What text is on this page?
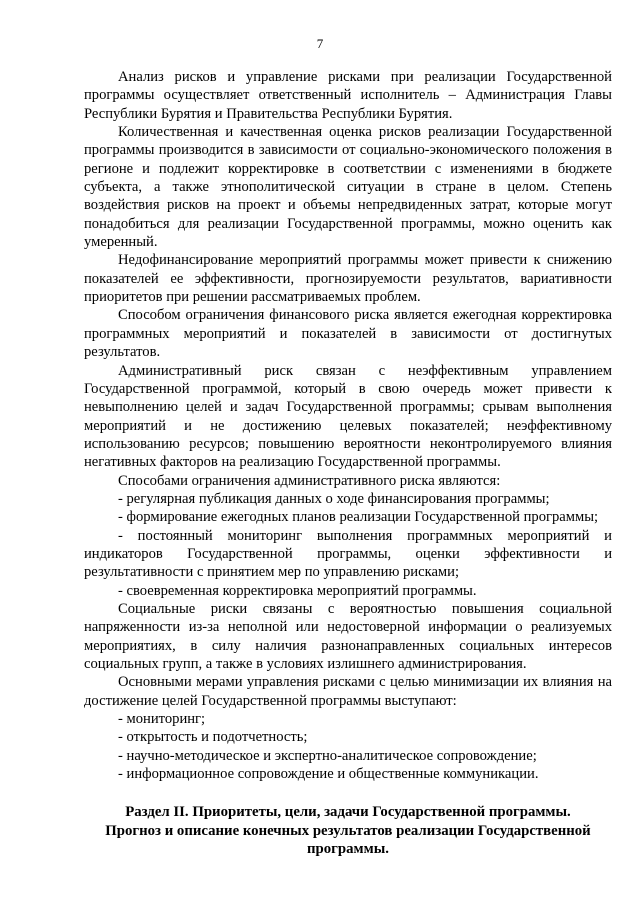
7

Анализ рисков и управление рисками при реализации Государственной программы осуществляет ответственный исполнитель – Администрация Главы Республики Бурятия и Правительства Республики Бурятия.

Количественная и качественная оценка рисков реализации Государственной программы производится в зависимости от социально-экономического положения в регионе и подлежит корректировке в соответствии с изменениями в бюджете субъекта, а также этнополитической ситуации в стране в целом. Степень воздействия рисков на проект и объемы непредвиденных затрат, которые могут понадобиться для реализации Государственной программы, можно оценить как умеренный.

Недофинансирование мероприятий программы может привести к снижению показателей ее эффективности, прогнозируемости результатов, вариативности приоритетов при решении рассматриваемых проблем.

Способом ограничения финансового риска является ежегодная корректировка программных мероприятий и показателей в зависимости от достигнутых результатов.

Административный риск связан с неэффективным управлением Государственной программой, который в свою очередь может привести к невыполнению целей и задач Государственной программы; срывам выполнения мероприятий и не достижению целевых показателей; неэффективному использованию ресурсов; повышению вероятности неконтролируемого влияния негативных факторов на реализацию Государственной программы.

Способами ограничения административного риска являются:

- регулярная публикация данных о ходе финансирования программы;

- формирование ежегодных планов реализации Государственной программы;

- постоянный мониторинг выполнения программных мероприятий и индикаторов Государственной программы, оценки эффективности и результативности с принятием мер по управлению рисками;

- своевременная корректировка мероприятий программы.

Социальные риски связаны с вероятностью повышения социальной напряженности из-за неполной или недостоверной информации о реализуемых мероприятиях, в силу наличия разнонаправленных социальных интересов социальных групп, а также в условиях излишнего администрирования.

Основными мерами управления рисками с целью минимизации их влияния на достижение целей Государственной программы выступают:

- мониторинг;

- открытость и подотчетность;

- научно-методическое и экспертно-аналитическое сопровождение;

- информационное сопровождение и общественные коммуникации.

Раздел II. Приоритеты, цели, задачи Государственной программы.
Прогноз и описание конечных результатов реализации Государственной программы.
